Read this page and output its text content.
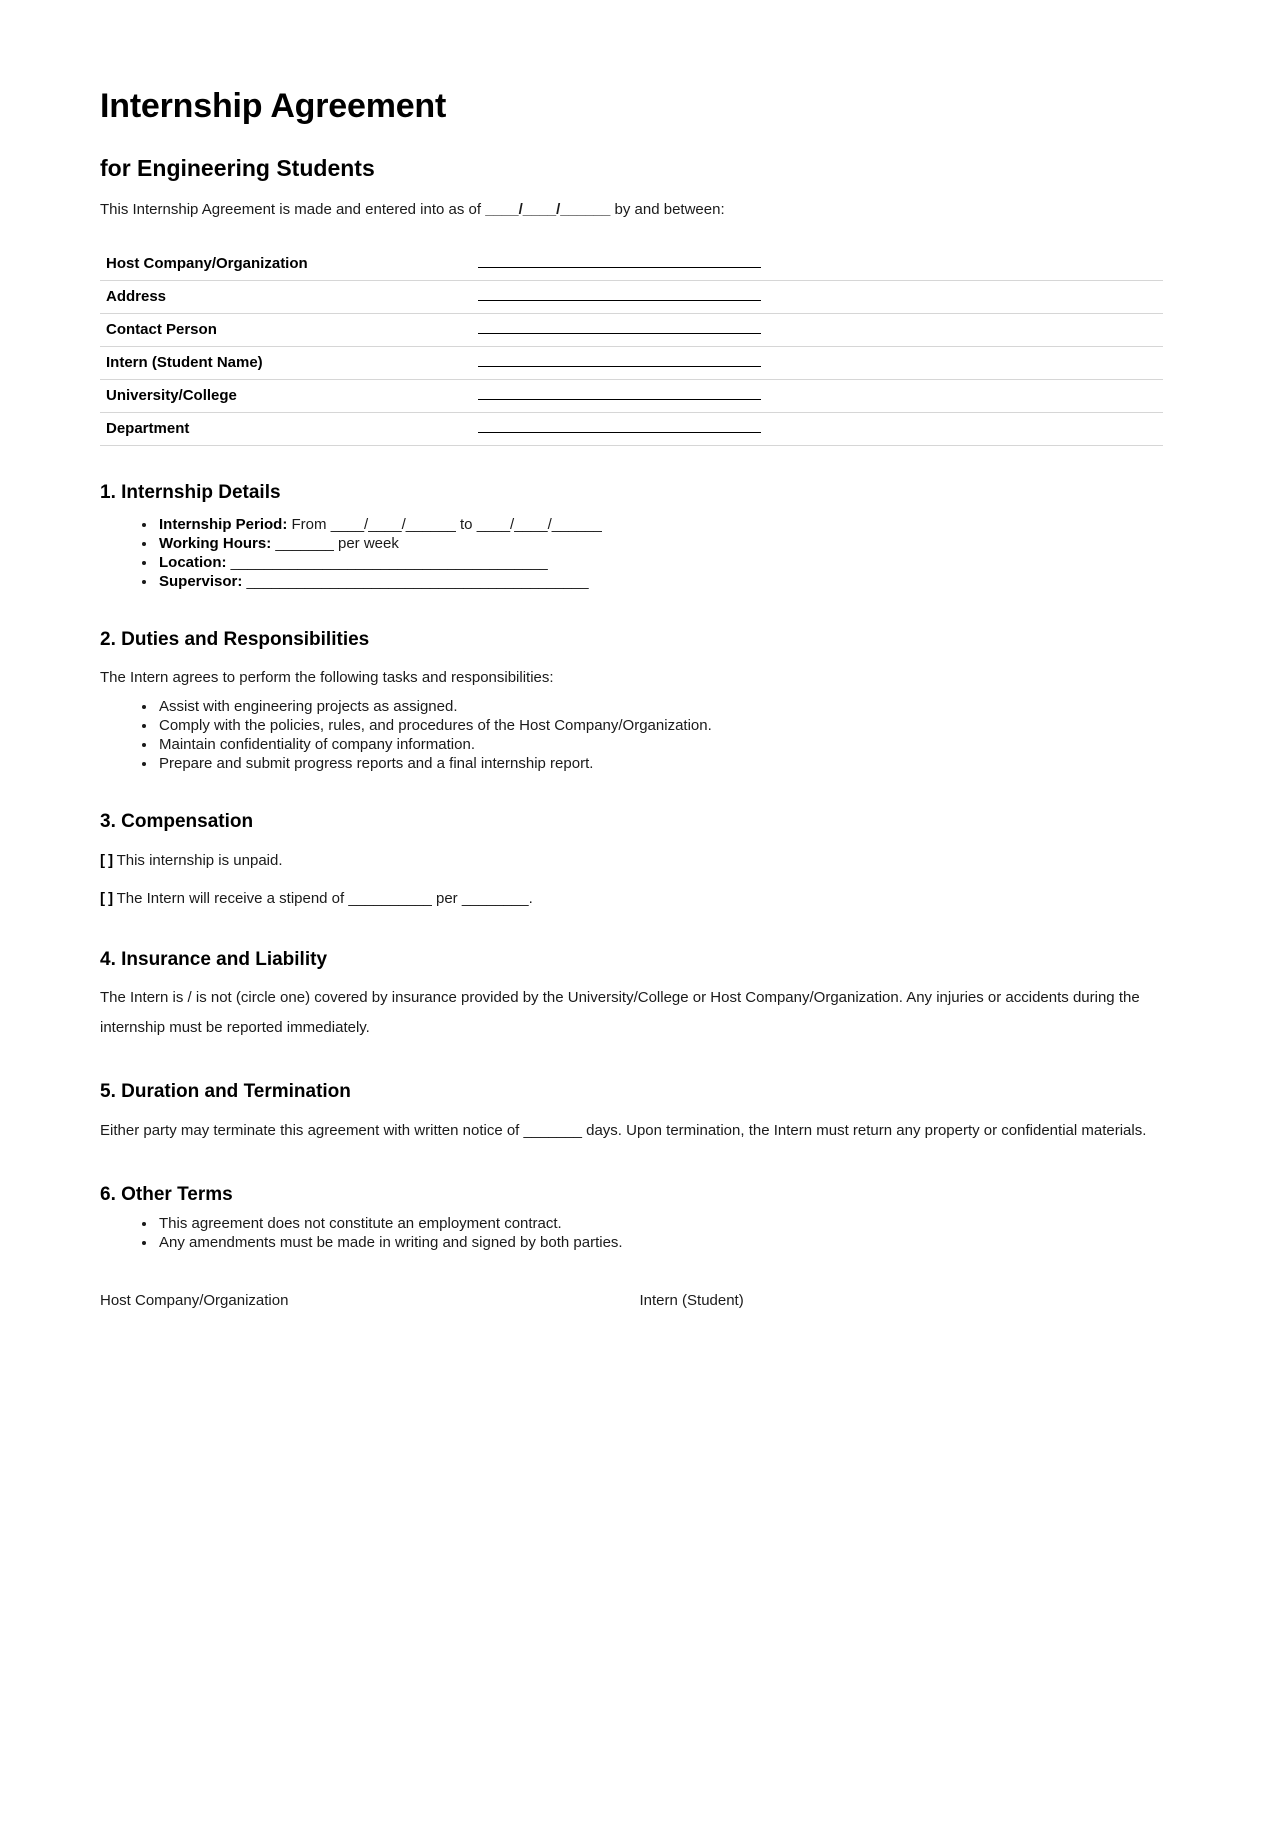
Internship Agreement
for Engineering Students

This Internship Agreement is made and entered into as of ____/____/______ by and between:

Host Company/Organization	
Address	
Contact Person	
Intern (Student Name)	
University/College	
Department	
1. Internship Details
• Internship Period: From ____/____/______ to ____/____/______
• Working Hours: _______ per week
• Location: ______________________________________
• Supervisor: _________________________________________
2. Duties and Responsibilities

The Intern agrees to perform the following tasks and responsibilities:

• Assist with engineering projects as assigned.
• Comply with the policies, rules, and procedures of the Host Company/Organization.
• Maintain confidentiality of company information.
• Prepare and submit progress reports and a final internship report.
3. Compensation

[ ] This internship is unpaid.

[ ] The Intern will receive a stipend of __________ per ________.

4. Insurance and Liability

The Intern is / is not (circle one) covered by insurance provided by the University/College or Host Company/Organization. Any injuries or accidents during the internship must be reported immediately.

5. Duration and Termination

Either party may terminate this agreement with written notice of _______ days. Upon termination, the Intern must return any property or confidential materials.

6. Other Terms
• This agreement does not constitute an employment contract.
• Any amendments must be made in writing and signed by both parties.
Host Company/Organization	Intern (Student)
